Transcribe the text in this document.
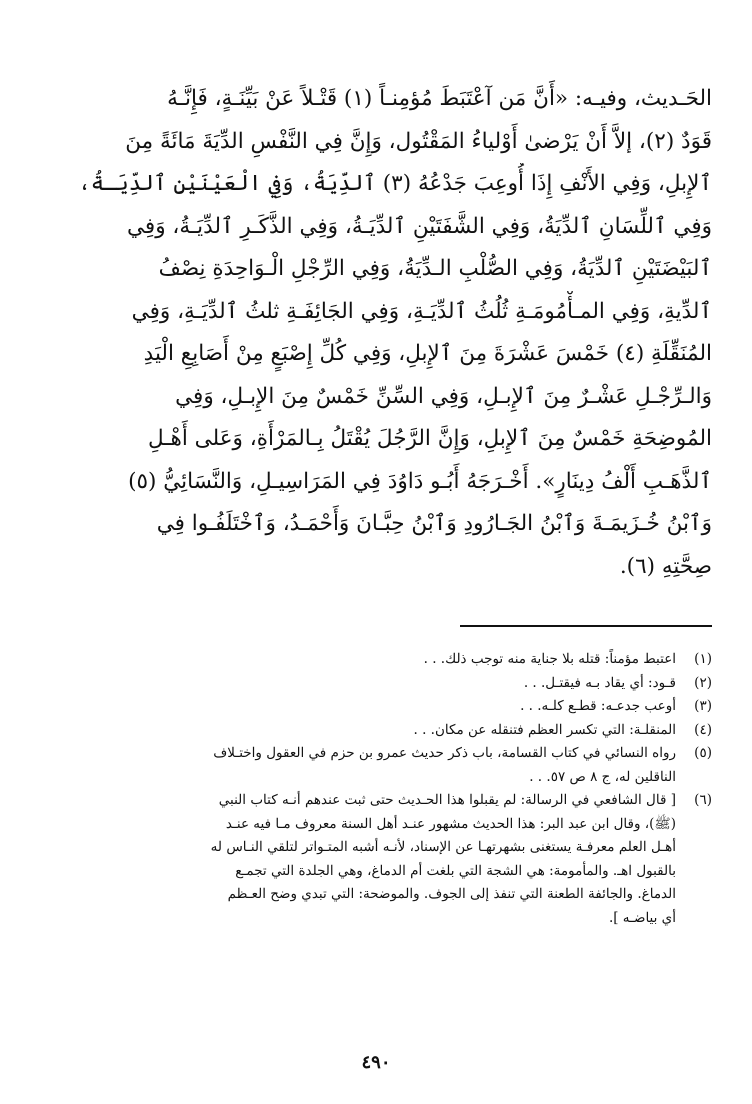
الحَـديث، وفيـه: «أَنَّ مَن آعْتَبَطَ مُؤمِنـاً (١) قَتْـلاً عَنْ بَيِّنَـةٍ، فَإِنَّـهُ
قَوَدٌ (٢)، إلاَّ أَنْ يَرْضىٰ أَوْلياءُ المَقْتُول، وَإِنَّ فِي النَّفْسِ الدِّيَةَ مَائَةً مِنَ
ٱلإِبلِ، وَفِي الأَنْفِ إِذَا أُوعِبَ جَدْعُهُ (٣) ٱلدِّيَةُ، وَفِي الْعَيْنَيْنِ ٱلدِّيَـةُ،
وَفِي ٱللِّسَانِ ٱلدِّيَةُ، وَفِي الشَّفَتَيْنِ ٱلدِّيَـةُ، وَفِي الذَّكَـرِ ٱلدِّيَـةُ، وَفِي
ٱلبَيْضَتَيْنِ ٱلدِّيَةُ، وَفِي الصُّلْبِ الـدِّيَةُ، وَفِي الرِّجْلِ الْـوَاحِدَةِ نِصْفُ
ٱلدِّيةِ، وَفِي المـأْمُومَـةِ ثُلُثُ ٱلدِّيَـةِ، وَفِي الجَائِفَـةِ ثلثُ ٱلدِّيَـةِ، وَفِي
المُنَقِّلَةِ (٤) خَمْسَ عَشْرَةَ مِنَ ٱلإِبلِ، وَفِي كُلِّ إِصْبَعٍ مِنْ أَصَابِعِ الْيَدِ
وَالـرِّجْـلِ عَشْـرٌ مِنَ ٱلإِبـلِ، وَفِي السِّنِّ خَمْسٌ مِنَ الإِبـلِ، وَفِي
المُوضِحَةِ خَمْسٌ مِنَ ٱلإِبلِ، وَإِنَّ الرَّجُلَ يُقْتَلُ بِـالمَرْأَةِ، وَعَلى أَهْـلِ
ٱلذَّهَـبِ أَلْفُ دِينَارٍ». أَخْـرَجَهُ أَبُـو دَاوُدَ فِي المَرَاسِيـلِ، وَالنَّسَائِيُّ (٥)
وَٱبْنُ خُـزَيمَـةَ وَٱبْنُ الجَـارُودِ وَٱبْنُ حِبَّـانَ وَأَحْمَـدُ، وَٱخْتَلَفُـوا فِي
صِحَّتِهِ (٦).
(١)
اعتبط مؤمناً: قتله بلا جناية منه توجب ذلك. . .
(٢)
قـود: أي يقاد بـه فيقتـل. . .
(٣)
أوعب جدعـه: قطـع كلـه. . .
(٤)
المنقلـة: التي تكسر العظم فتنقله عن مكان. . .
(٥)
رواه النسائي في كتاب القسامة، باب ذكر حديث عمرو بن حزم في العقول واختـلاف
الناقلين له، ج ٨ ص ٥٧. . .
(٦)
[ قال الشافعي في الرسالة: لم يقبلوا هذا الحـديث حتى ثبت عندهم أنـه كتاب النبي
(ﷺ)، وقال ابن عبد البر: هذا الحديث مشهور عنـد أهل السنة معروف مـا فيه عنـد
أهـل العلم معرفـة يستغنى بشهرتهـا عن الإسناد، لأنـه أشبه المتـواتر لتلقي النـاس له
بالقبول اهـ. والمأمومة: هي الشجة التي بلغت أم الدماغ، وهي الجلدة التي تجمـع
الدماغ. والجائفة الطعنة التي تنفذ إلى الجوف. والموضحة: التي تبدي وضح العـظم
أي بياضـه ].
٤٩٠
